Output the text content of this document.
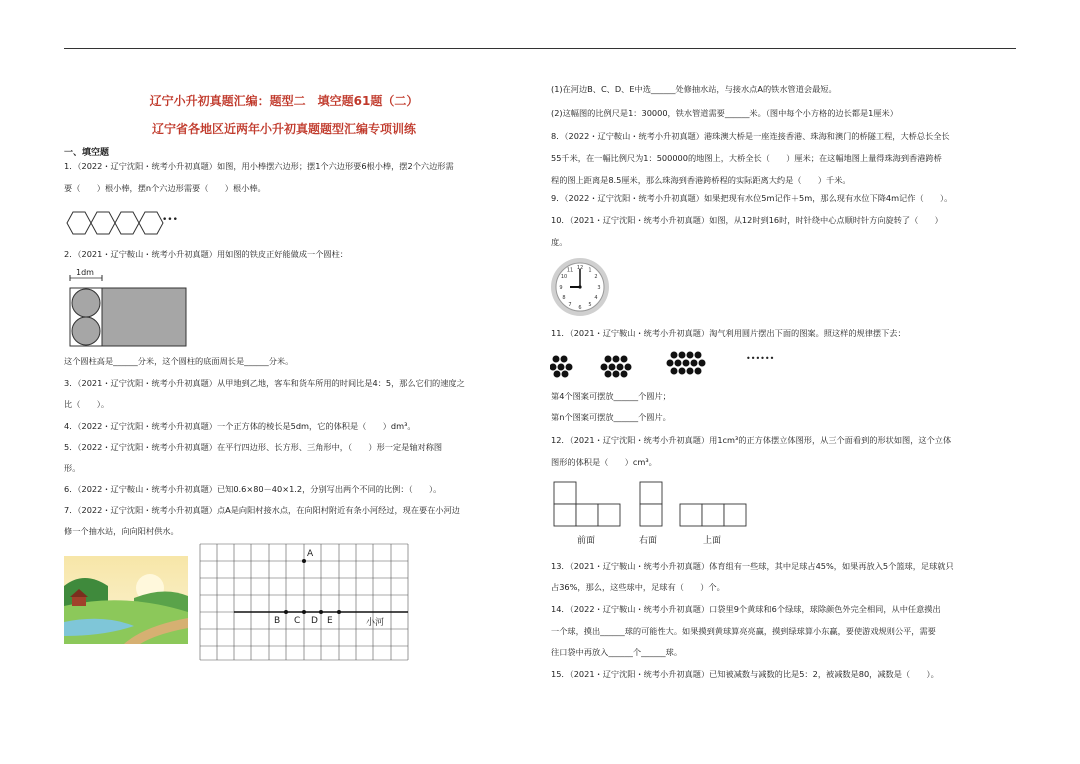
辽宁小升初真题汇编：题型二　填空题61题（二）
辽宁省各地区近两年小升初真题题型汇编专项训练
一、填空题
1．（2022・辽宁沈阳・统考小升初真题）如图，用小棒摆六边形；摆1个六边形要6根小棒，摆2个六边形需
要（　　）根小棒，摆n个六边形需要（　　）根小棒。
•••
2．（2021・辽宁鞍山・统考小升初真题）用如图的铁皮正好能做成一个圆柱：
1dm
这个圆柱高是______分米，这个圆柱的底面周长是______分米。
3．（2021・辽宁沈阳・统考小升初真题）从甲地到乙地，客车和货车所用的时间比是4：5，那么它们的速度之
比（　　）。
4．（2022・辽宁沈阳・统考小升初真题）一个正方体的棱长是5dm，它的体积是（　　）dm³。
5．（2022・辽宁沈阳・统考小升初真题）在平行四边形、长方形、三角形中，（　　）形一定是轴对称图
形。
6．（2022・辽宁鞍山・统考小升初真题）已知0.6×80－40×1.2，分别写出两个不同的比例：（　　）。
7．（2022・辽宁沈阳・统考小升初真题）点A是向阳村接水点，在向阳村附近有条小河经过，现在要在小河边
修一个抽水站，向向阳村供水。
A
B C D E	小河
(1)在河边B、C、D、E中选______处修抽水站，与接水点A的铁水管道会最短。
(2)这幅图的比例尺是1：30000，铁水管道需要______米。（图中每个小方格的边长都是1厘米）
8．（2022・辽宁鞍山・统考小升初真题）港珠澳大桥是一座连接香港、珠海和澳门的桥隧工程，大桥总长全长
55千米，在一幅比例尺为1：500000的地图上，大桥全长（　　）厘米；在这幅地图上量得珠海到香港跨桥
程的图上距离是8.5厘米，那么珠海到香港跨桥程的实际距离大约是（　　）千米。
9．（2022・辽宁沈阳・统考小升初真题）如果把现有水位5m记作＋5m，那么现有水位下降4m记作（　　）。
10．（2021・辽宁沈阳・统考小升初真题）如图，从12时到16时，时针绕中心点顺时针方向旋转了（　　）
度。
12 1
2
3
4
5
6
7
8
9
10
11
11．（2021・辽宁鞍山・统考小升初真题）淘气利用圆片摆出下面的图案。照这样的规律摆下去：
••••••
第4个图案可摆放______个圆片；
第n个图案可摆放______个圆片。
12．（2021・辽宁沈阳・统考小升初真题）用1cm³的正方体摆立体图形，从三个面看到的形状如图，这个立体
图形的体积是（　　）cm³。
前面	右面	上面
13．（2021・辽宁鞍山・统考小升初真题）体育组有一些球，其中足球占45%，如果再放入5个篮球，足球就只
占36%，那么，这些球中，足球有（　　）个。
14．（2022・辽宁鞍山・统考小升初真题）口袋里9个黄球和6个绿球，球除颜色外完全相同，从中任意摸出
一个球，摸出______球的可能性大。如果摸到黄球算亮亮赢，摸到绿球算小东赢，要使游戏规则公平，需要
往口袋中再放入______个______球。
15．（2021・辽宁沈阳・统考小升初真题）已知被减数与减数的比是5：2，被减数是80，减数是（　　）。
